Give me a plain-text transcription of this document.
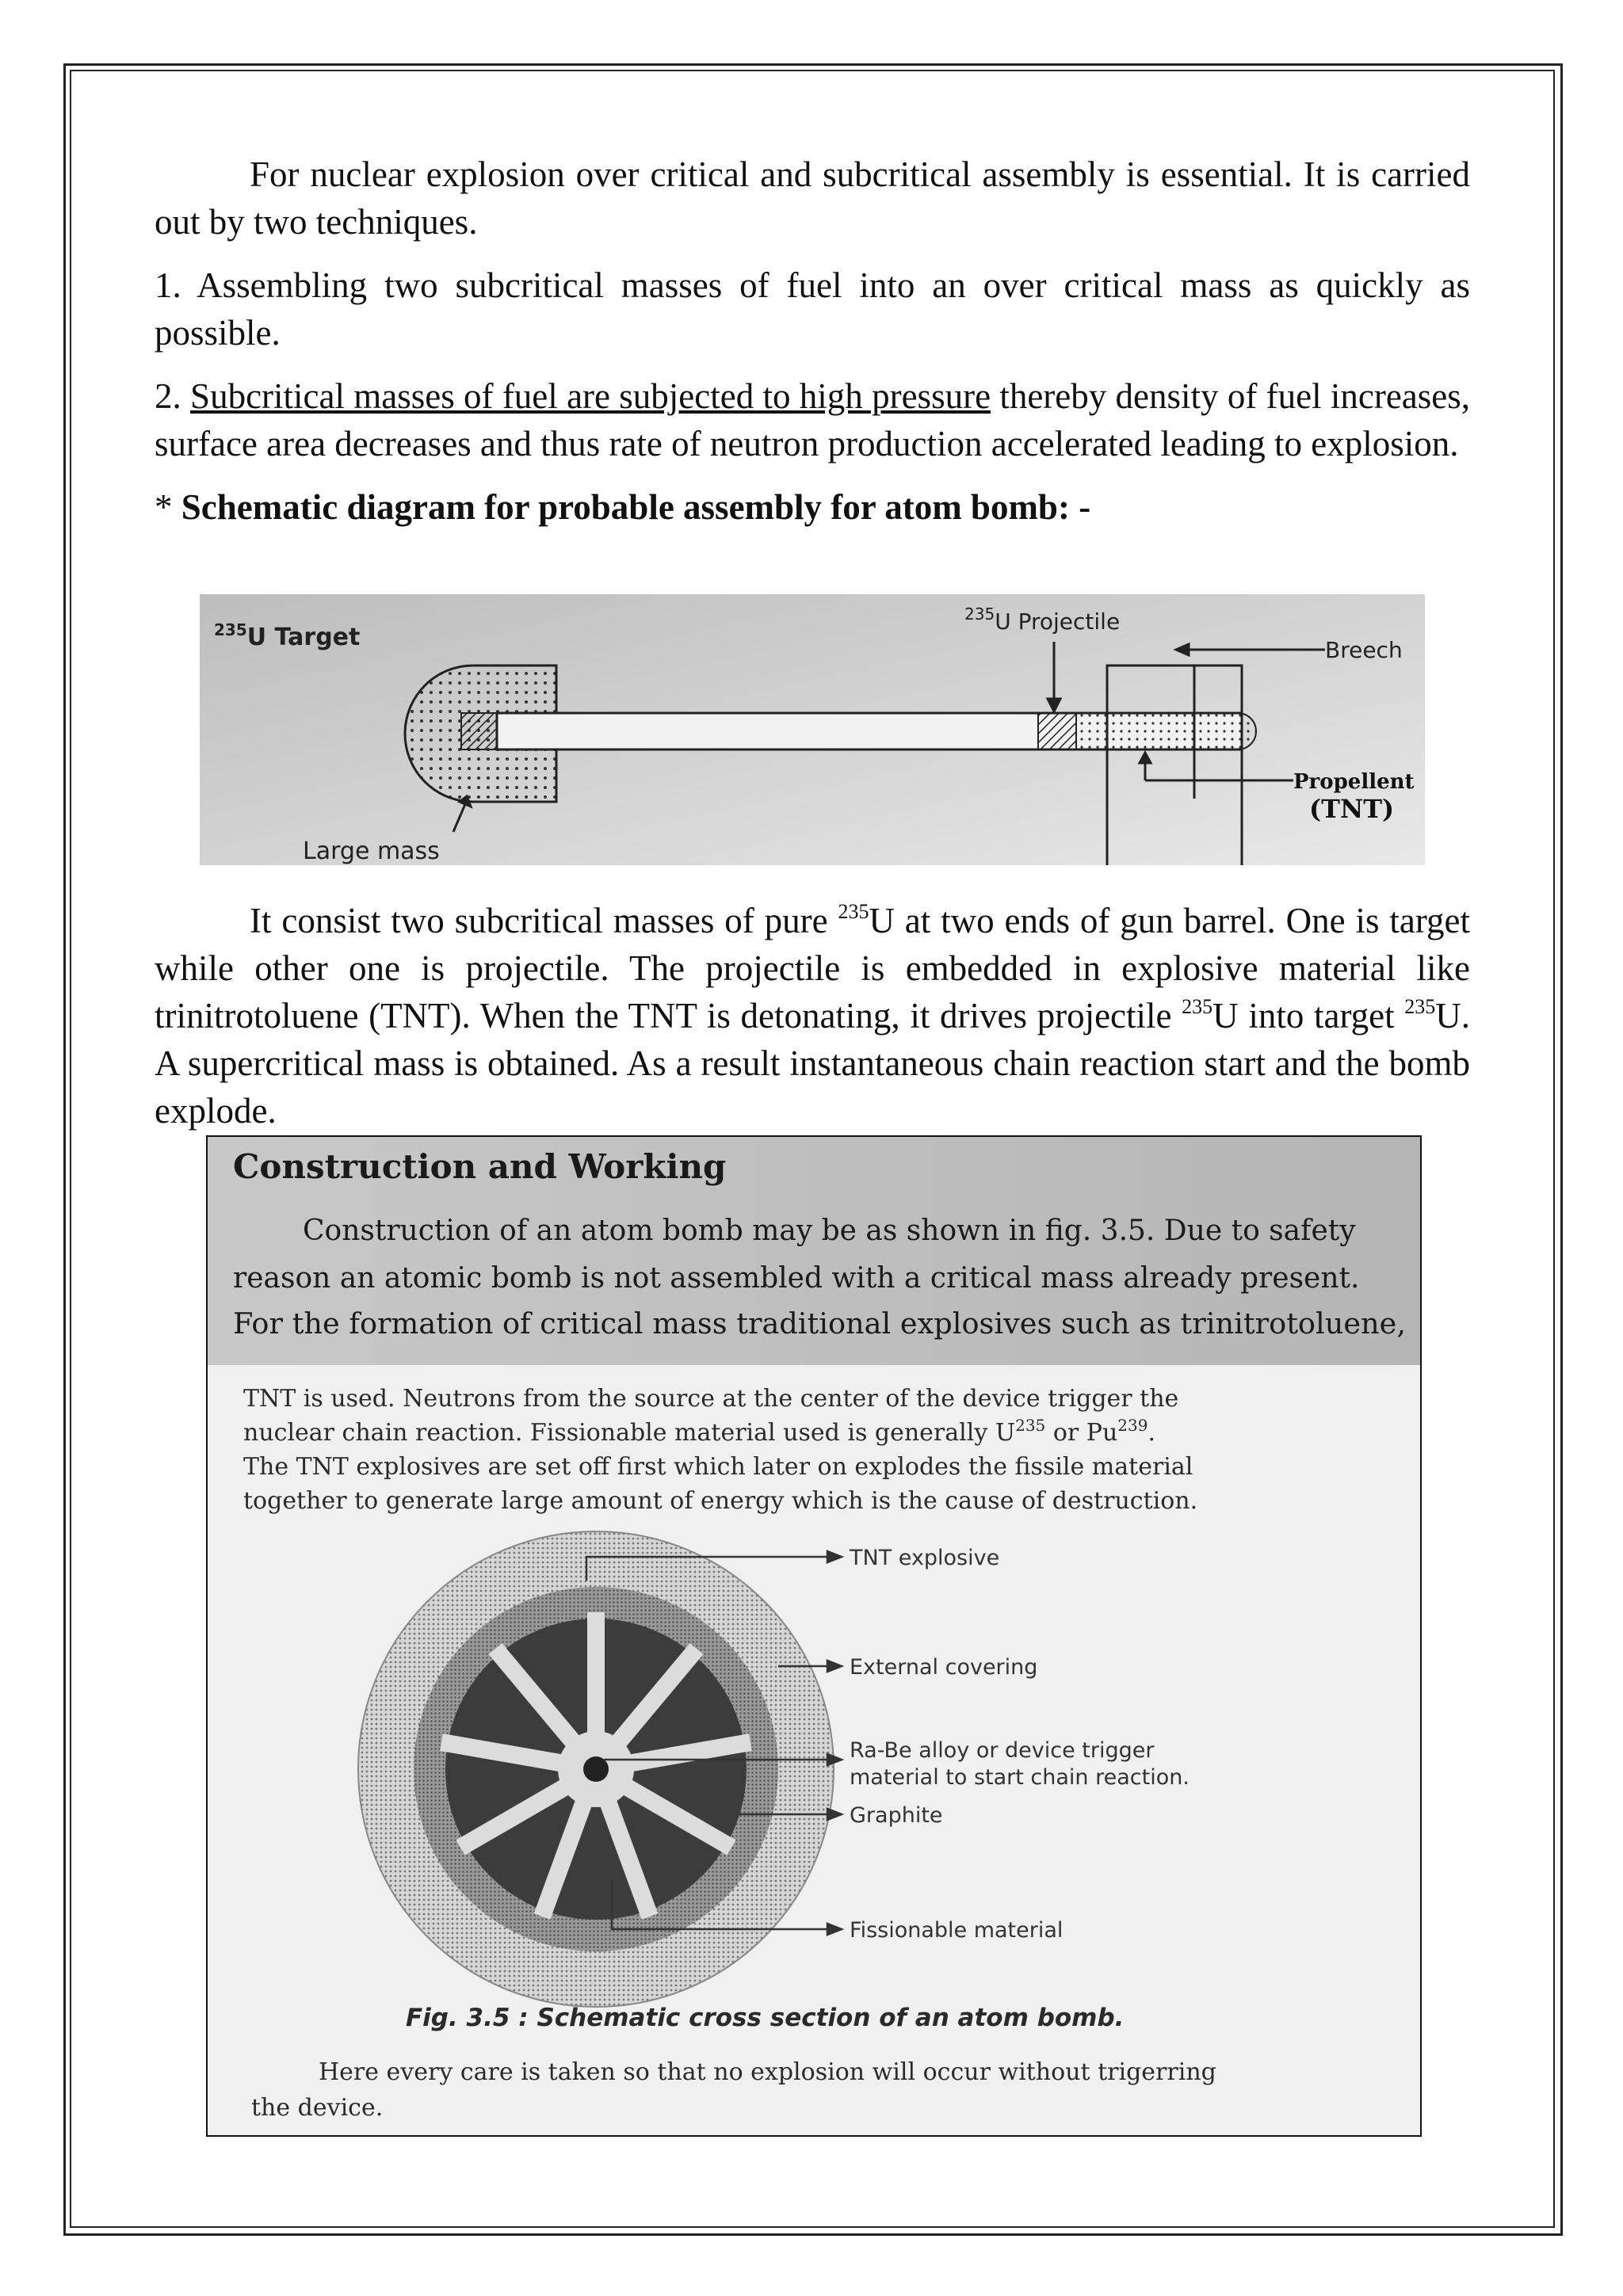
For nuclear explosion over critical and subcritical assembly is essential. It is carried out by two techniques.

1. Assembling two subcritical masses of fuel into an over critical mass as quickly as possible.

2. Subcritical masses of fuel are subjected to high pressure thereby density of fuel increases, surface area decreases and thus rate of neutron production accelerated leading to explosion.

* Schematic diagram for probable assembly for atom bomb: -

It consist two subcritical masses of pure $^{235}$U at two ends of gun barrel. One is target while other one is projectile. The projectile is embedded in explosive material like trinitrotoluene (TNT). When the TNT is detonating, it drives projectile $^{235}$U into target $^{235}$U. A supercritical mass is obtained. As a result instantaneous chain reaction start and the bomb explode.

$^{235}$U Target
$^{235}$U Projectile
Breech
Large mass
Propellent
(TNT)
Construction and Working
Construction of an atom bomb may be as shown in fig. 3.5. Due to safety
reason an atomic bomb is not assembled with a critical mass already present.
For the formation of critical mass traditional explosives such as trinitrotoluene,
TNT is used. Neutrons from the source at the center of the device trigger the
nuclear chain reaction. Fissionable material used is generally $U^{235}$ or Pu$^{239}$.
The TNT explosives are set off first which later on explodes the fissile material
together to generate large amount of energy which is the cause of destruction.
TNT explosive
External covering
Ra-Be alloy or device trigger
material to start chain reaction.
Graphite
Fissionable material
Fig. 3.5 : Schematic cross section of an atom bomb.
Here every care is taken so that no explosion will occur without trigerring
the device.
